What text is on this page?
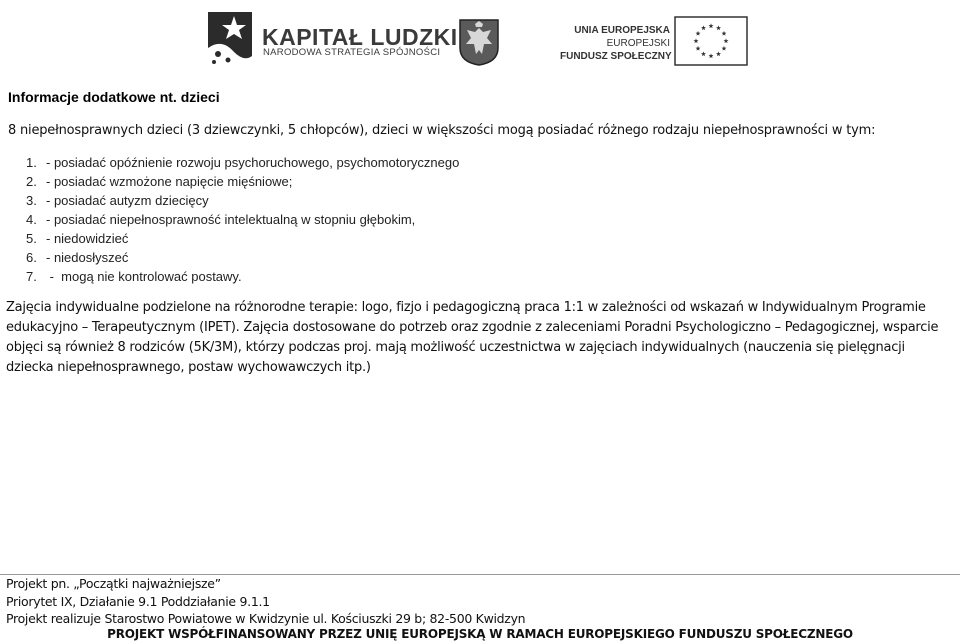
KAPITAŁ LUDZKI
NARODOWA STRATEGIA SPÓJNOŚCI
UNIA EUROPEJSKA
EUROPEJSKI
FUNDUSZ SPOŁECZNY
Informacje dodatkowe nt. dzieci
8 niepełnosprawnych dzieci (3 dziewczynki, 5 chłopców), dzieci w większości mogą posiadać różnego rodzaju niepełnosprawności w tym:
1. - posiadać opóźnienie rozwoju psychoruchowego, psychomotorycznego
2. - posiadać wzmożone napięcie mięśniowe;
3. - posiadać autyzm dziecięcy
4. - posiadać niepełnosprawność intelektualną w stopniu głębokim,
5. - niedowidzieć
6. - niedosłyszeć
7. -  mogą nie kontrolować postawy.

Zajęcia indywidualne podzielone na różnorodne terapie: logo, fizjo i pedagogiczną praca 1:1 w zależności od wskazań w Indywidualnym Programie edukacyjno – Terapeutycznym (IPET). Zajęcia dostosowane do potrzeb oraz zgodnie z zaleceniami Poradni Psychologiczno – Pedagogicznej, wsparcie objęci są również 8 rodziców (5K/3M), którzy podczas proj. mają możliwość uczestnictwa w zajęciach indywidualnych (nauczenia się pielęgnacji dziecka niepełnosprawnego, postaw wychowawczych itp.)

Projekt pn. „Początki najważniejsze”
Priorytet IX, Działanie 9.1 Poddziałanie 9.1.1
Projekt realizuje Starostwo Powiatowe w Kwidzynie ul. Kościuszki 29 b; 82-500 Kwidzyn
PROJEKT WSPÓŁFINANSOWANY PRZEZ UNIĘ EUROPEJSKĄ W RAMACH EUROPEJSKIEGO FUNDUSZU SPOŁECZNEGO
